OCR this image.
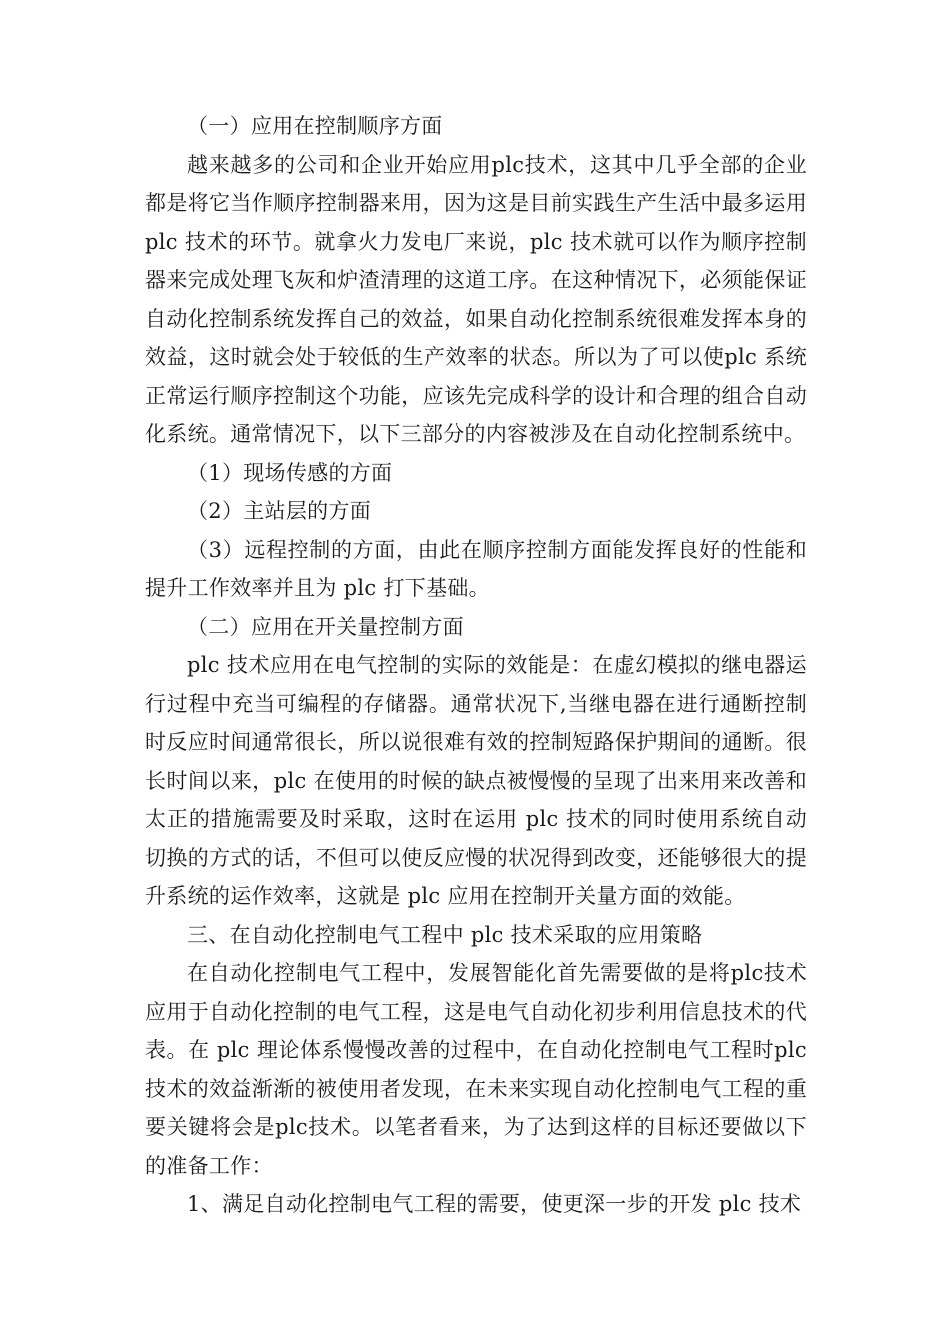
（一）应用在控制顺序方面

越来越多的公司和企业开始应用plc技术，这其中几乎全部的企业都是将它当作顺序控制器来用，因为这是目前实践生产生活中最多运用 plc 技术的环节。就拿火力发电厂来说，plc 技术就可以作为顺序控制器来完成处理飞灰和炉渣清理的这道工序。在这种情况下，必须能保证自动化控制系统发挥自己的效益，如果自动化控制系统很难发挥本身的效益，这时就会处于较低的生产效率的状态。所以为了可以使plc 系统正常运行顺序控制这个功能，应该先完成科学的设计和合理的组合自动化系统。通常情况下，以下三部分的内容被涉及在自动化控制系统中。

（1）现场传感的方面

（2）主站层的方面

（3）远程控制的方面，由此在顺序控制方面能发挥良好的性能和提升工作效率并且为 plc 打下基础。

（二）应用在开关量控制方面

plc 技术应用在电气控制的实际的效能是：在虚幻模拟的继电器运行过程中充当可编程的存储器。通常状况下,当继电器在进行通断控制时反应时间通常很长，所以说很难有效的控制短路保护期间的通断。很长时间以来，plc 在使用的时候的缺点被慢慢的呈现了出来用来改善和太正的措施需要及时采取，这时在运用 plc 技术的同时使用系统自动切换的方式的话，不但可以使反应慢的状况得到改变，还能够很大的提升系统的运作效率，这就是 plc 应用在控制开关量方面的效能。

三、在自动化控制电气工程中 plc 技术采取的应用策略

在自动化控制电气工程中，发展智能化首先需要做的是将plc技术应用于自动化控制的电气工程，这是电气自动化初步利用信息技术的代表。在 plc 理论体系慢慢改善的过程中，在自动化控制电气工程时plc 技术的效益渐渐的被使用者发现，在未来实现自动化控制电气工程的重要关键将会是plc技术。以笔者看来，为了达到这样的目标还要做以下的准备工作：

1、满足自动化控制电气工程的需要，使更深一步的开发 plc 技术
